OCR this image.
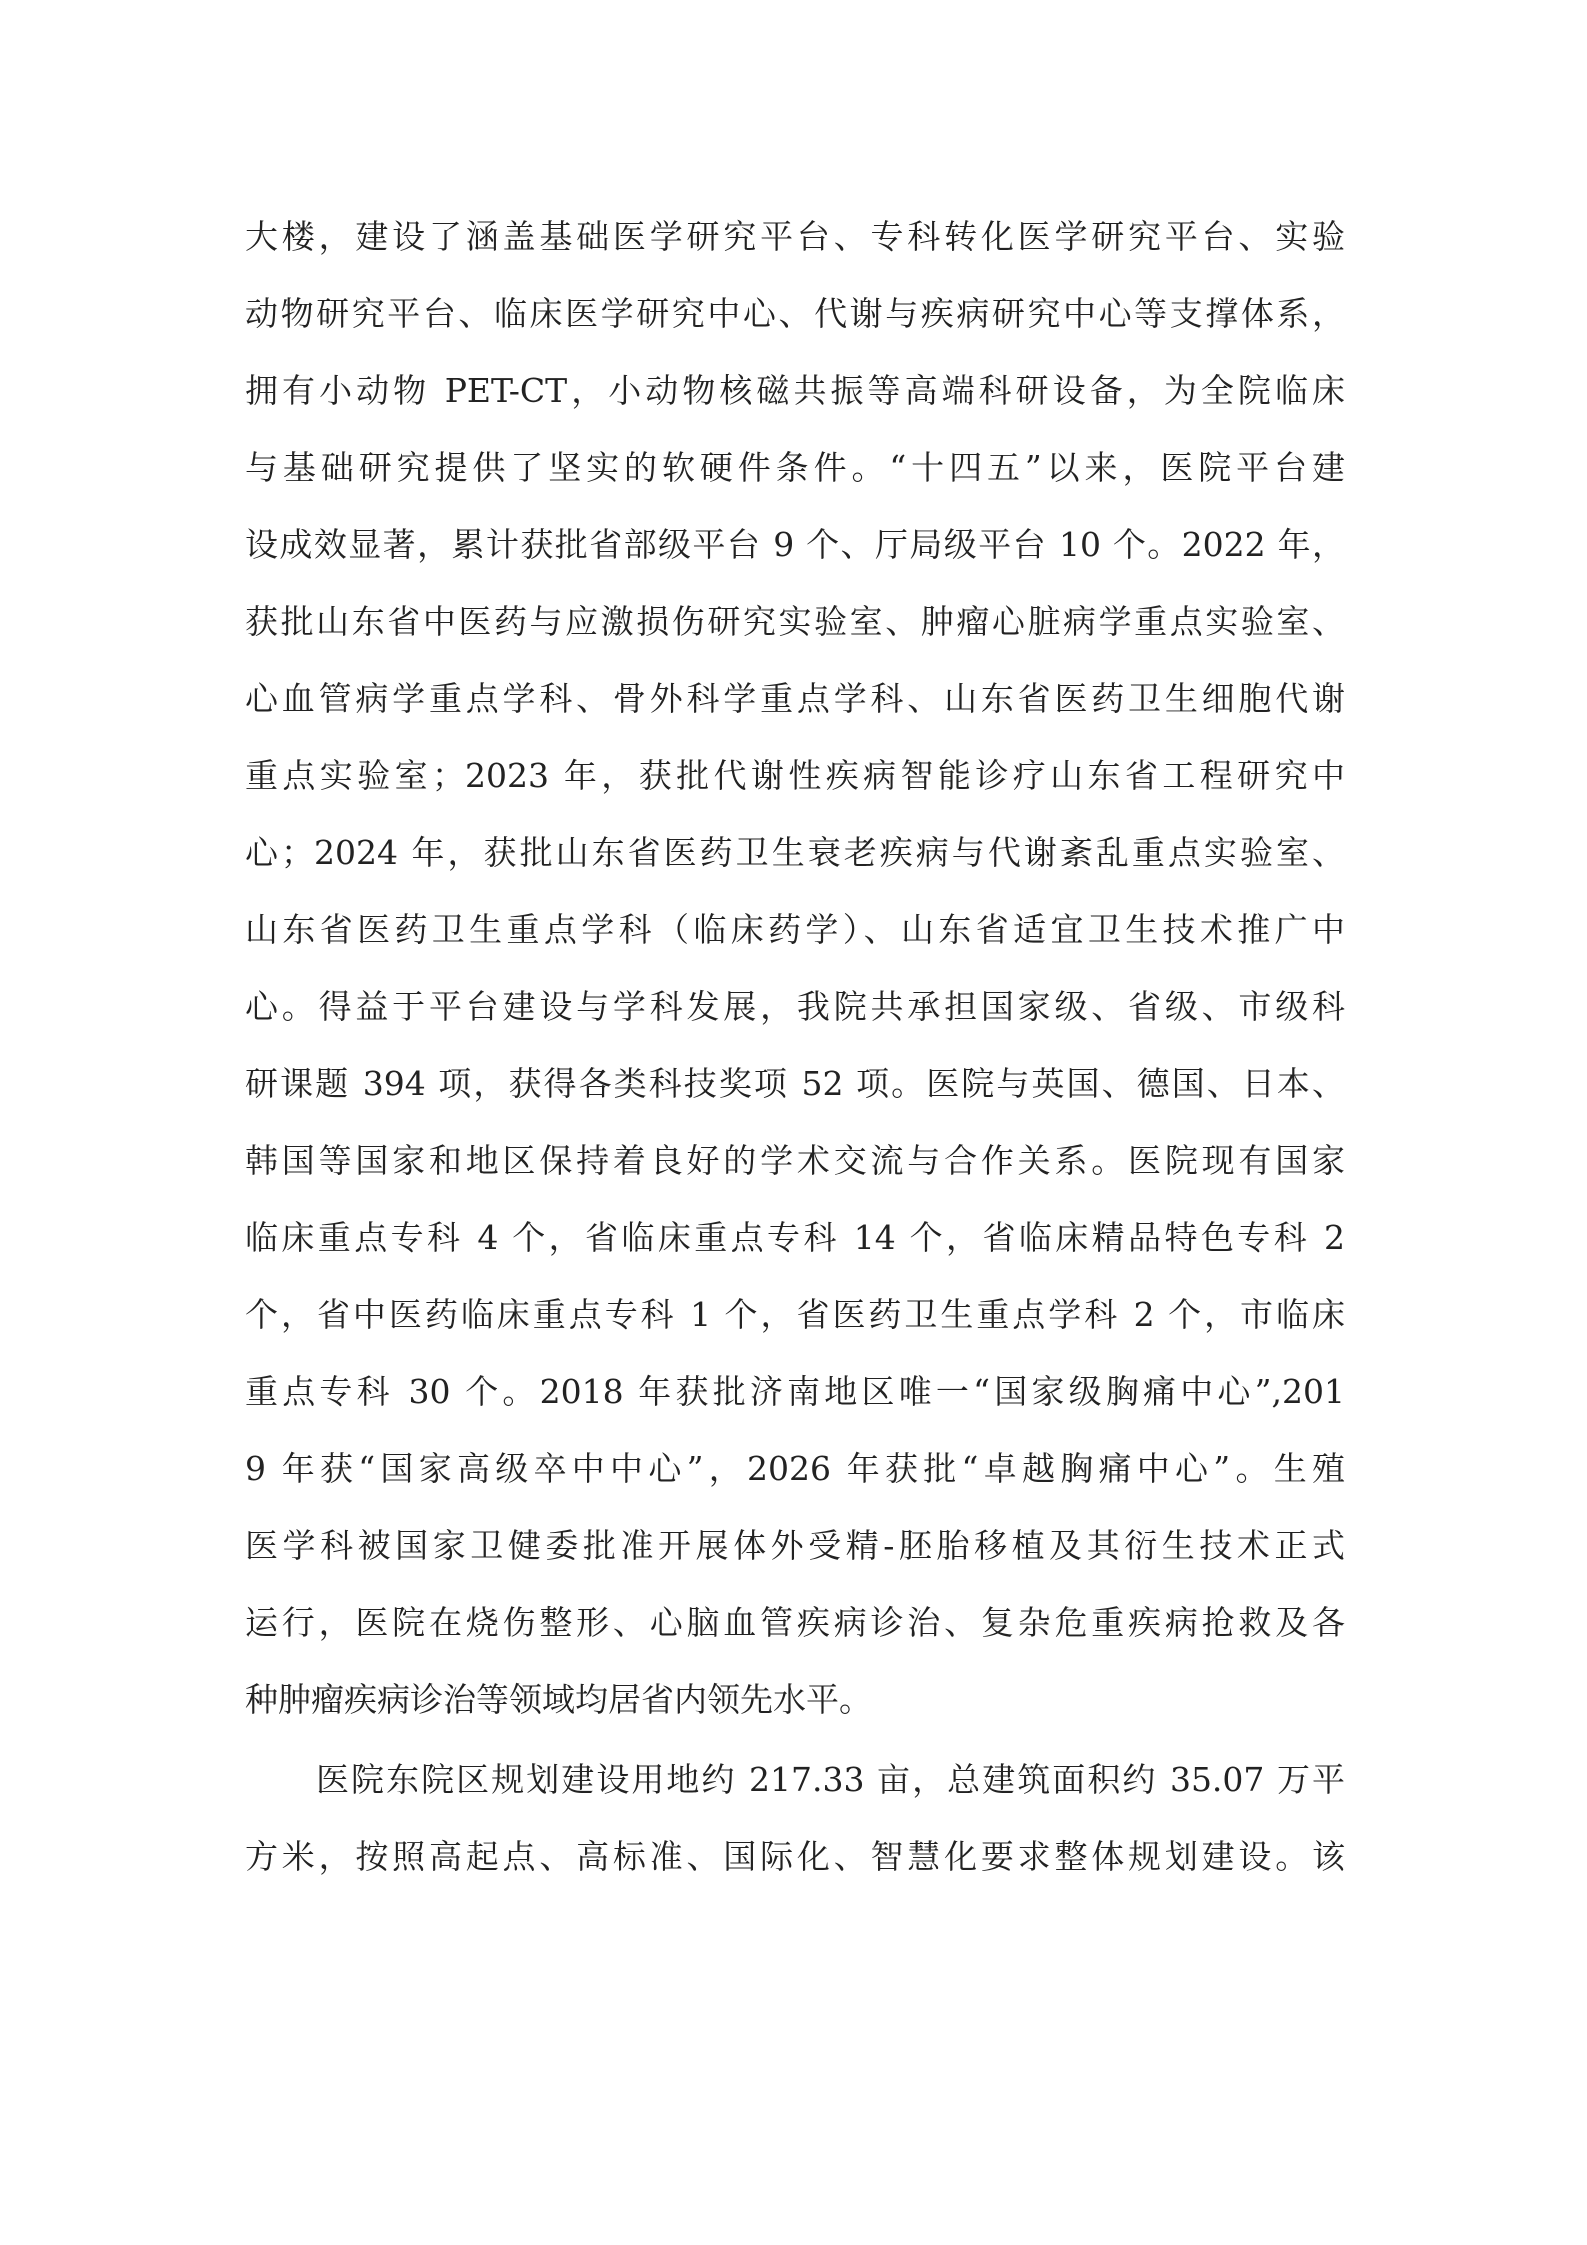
大楼，建设了涵盖基础医学研究平台、专科转化医学研究平台、实验
动物研究平台、临床医学研究中心、代谢与疾病研究中心等支撑体系，
拥有小动物 PET-CT，小动物核磁共振等高端科研设备，为全院临床
与基础研究提供了坚实的软硬件条件。“十四五”以来，医院平台建
设成效显著，累计获批省部级平台 9 个、厅局级平台 10 个。2022 年，
获批山东省中医药与应激损伤研究实验室、肿瘤心脏病学重点实验室、
心血管病学重点学科、骨外科学重点学科、山东省医药卫生细胞代谢
重点实验室；2023 年，获批代谢性疾病智能诊疗山东省工程研究中
心；2024 年，获批山东省医药卫生衰老疾病与代谢紊乱重点实验室、
山东省医药卫生重点学科（临床药学）、山东省适宜卫生技术推广中
心。得益于平台建设与学科发展，我院共承担国家级、省级、市级科
研课题 394 项，获得各类科技奖项 52 项。医院与英国、德国、日本、
韩国等国家和地区保持着良好的学术交流与合作关系。医院现有国家
临床重点专科 4 个，省临床重点专科 14 个，省临床精品特色专科 2
个，省中医药临床重点专科 1 个，省医药卫生重点学科 2 个，市临床
重点专科 30 个。2018 年获批济南地区唯一“国家级胸痛中心”,201
9 年获“国家高级卒中中心”，2026 年获批“卓越胸痛中心”。生殖
医学科被国家卫健委批准开展体外受精-胚胎移植及其衍生技术正式
运行，医院在烧伤整形、心脑血管疾病诊治、复杂危重疾病抢救及各
种肿瘤疾病诊治等领域均居省内领先水平。
医院东院区规划建设用地约 217.33 亩，总建筑面积约 35.07 万平
方米，按照高起点、高标准、国际化、智慧化要求整体规划建设。该
